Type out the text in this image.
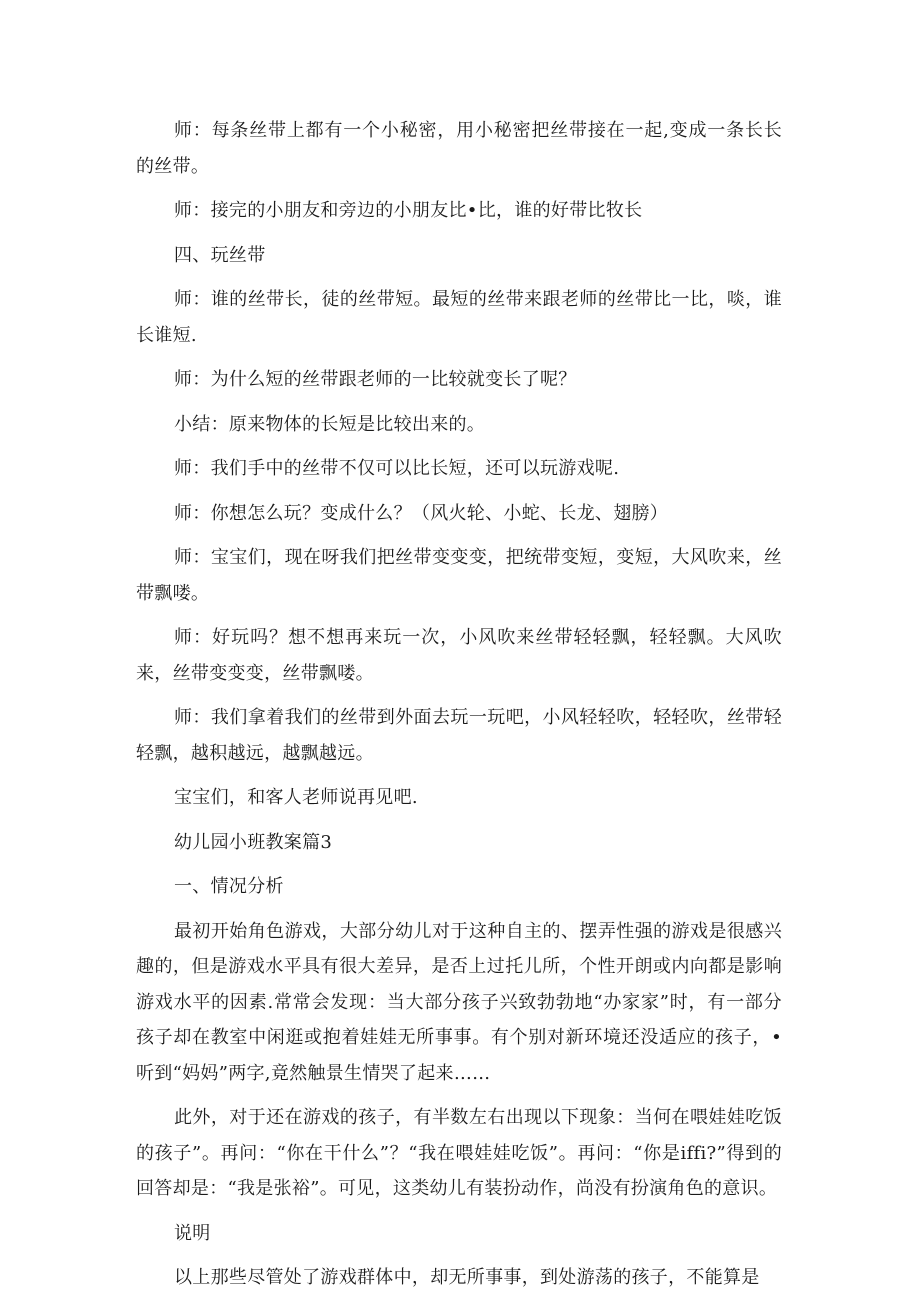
师：每条丝带上都有一个小秘密，用小秘密把丝带接在一起,变成一条长长的丝带。

师：接完的小朋友和旁边的小朋友比•比，谁的好带比牧长

四、玩丝带

师：谁的丝带长，徒的丝带短。最短的丝带来跟老师的丝带比一比，啖，谁长谁短.

师：为什么短的丝带跟老师的一比较就变长了呢？

小结：原来物体的长短是比较出来的。

师：我们手中的丝带不仅可以比长短，还可以玩游戏呢.

师：你想怎么玩？变成什么？（风火轮、小蛇、长龙、翅膀）

师：宝宝们，现在呀我们把丝带变变变，把统带变短，变短，大风吹来，丝带飘喽。

师：好玩吗？想不想再来玩一次，小风吹来丝带轻轻飘，轻轻飘。大风吹来，丝带变变变，丝带飘喽。

师：我们拿着我们的丝带到外面去玩一玩吧，小风轻轻吹，轻轻吹，丝带轻轻飘，越积越远，越飘越远。

宝宝们，和客人老师说再见吧.

幼儿园小班教案篇3

一、情况分析

最初开始角色游戏，大部分幼儿对于这种自主的、摆弄性强的游戏是很感兴趣的，但是游戏水平具有很大差异，是否上过托儿所，个性开朗或内向都是影响游戏水平的因素.常常会发现：当大部分孩子兴致勃勃地“办家家”时，有一部分孩子却在教室中闲逛或抱着娃娃无所事事。有个别对新环境还没适应的孩子，•听到“妈妈”两字,竟然触景生情哭了起来……

此外，对于还在游戏的孩子，有半数左右出现以下现象：当何在喂娃娃吃饭的孩子”。再问：“你在干什么”？“我在喂娃娃吃饭”。再问：“你是iffi?”得到的回答却是：“我是张裕”。可见，这类幼儿有装扮动作，尚没有扮演角色的意识。

说明

以上那些尽管处了游戏群体中，却无所事事，到处游荡的孩子，不能算是
